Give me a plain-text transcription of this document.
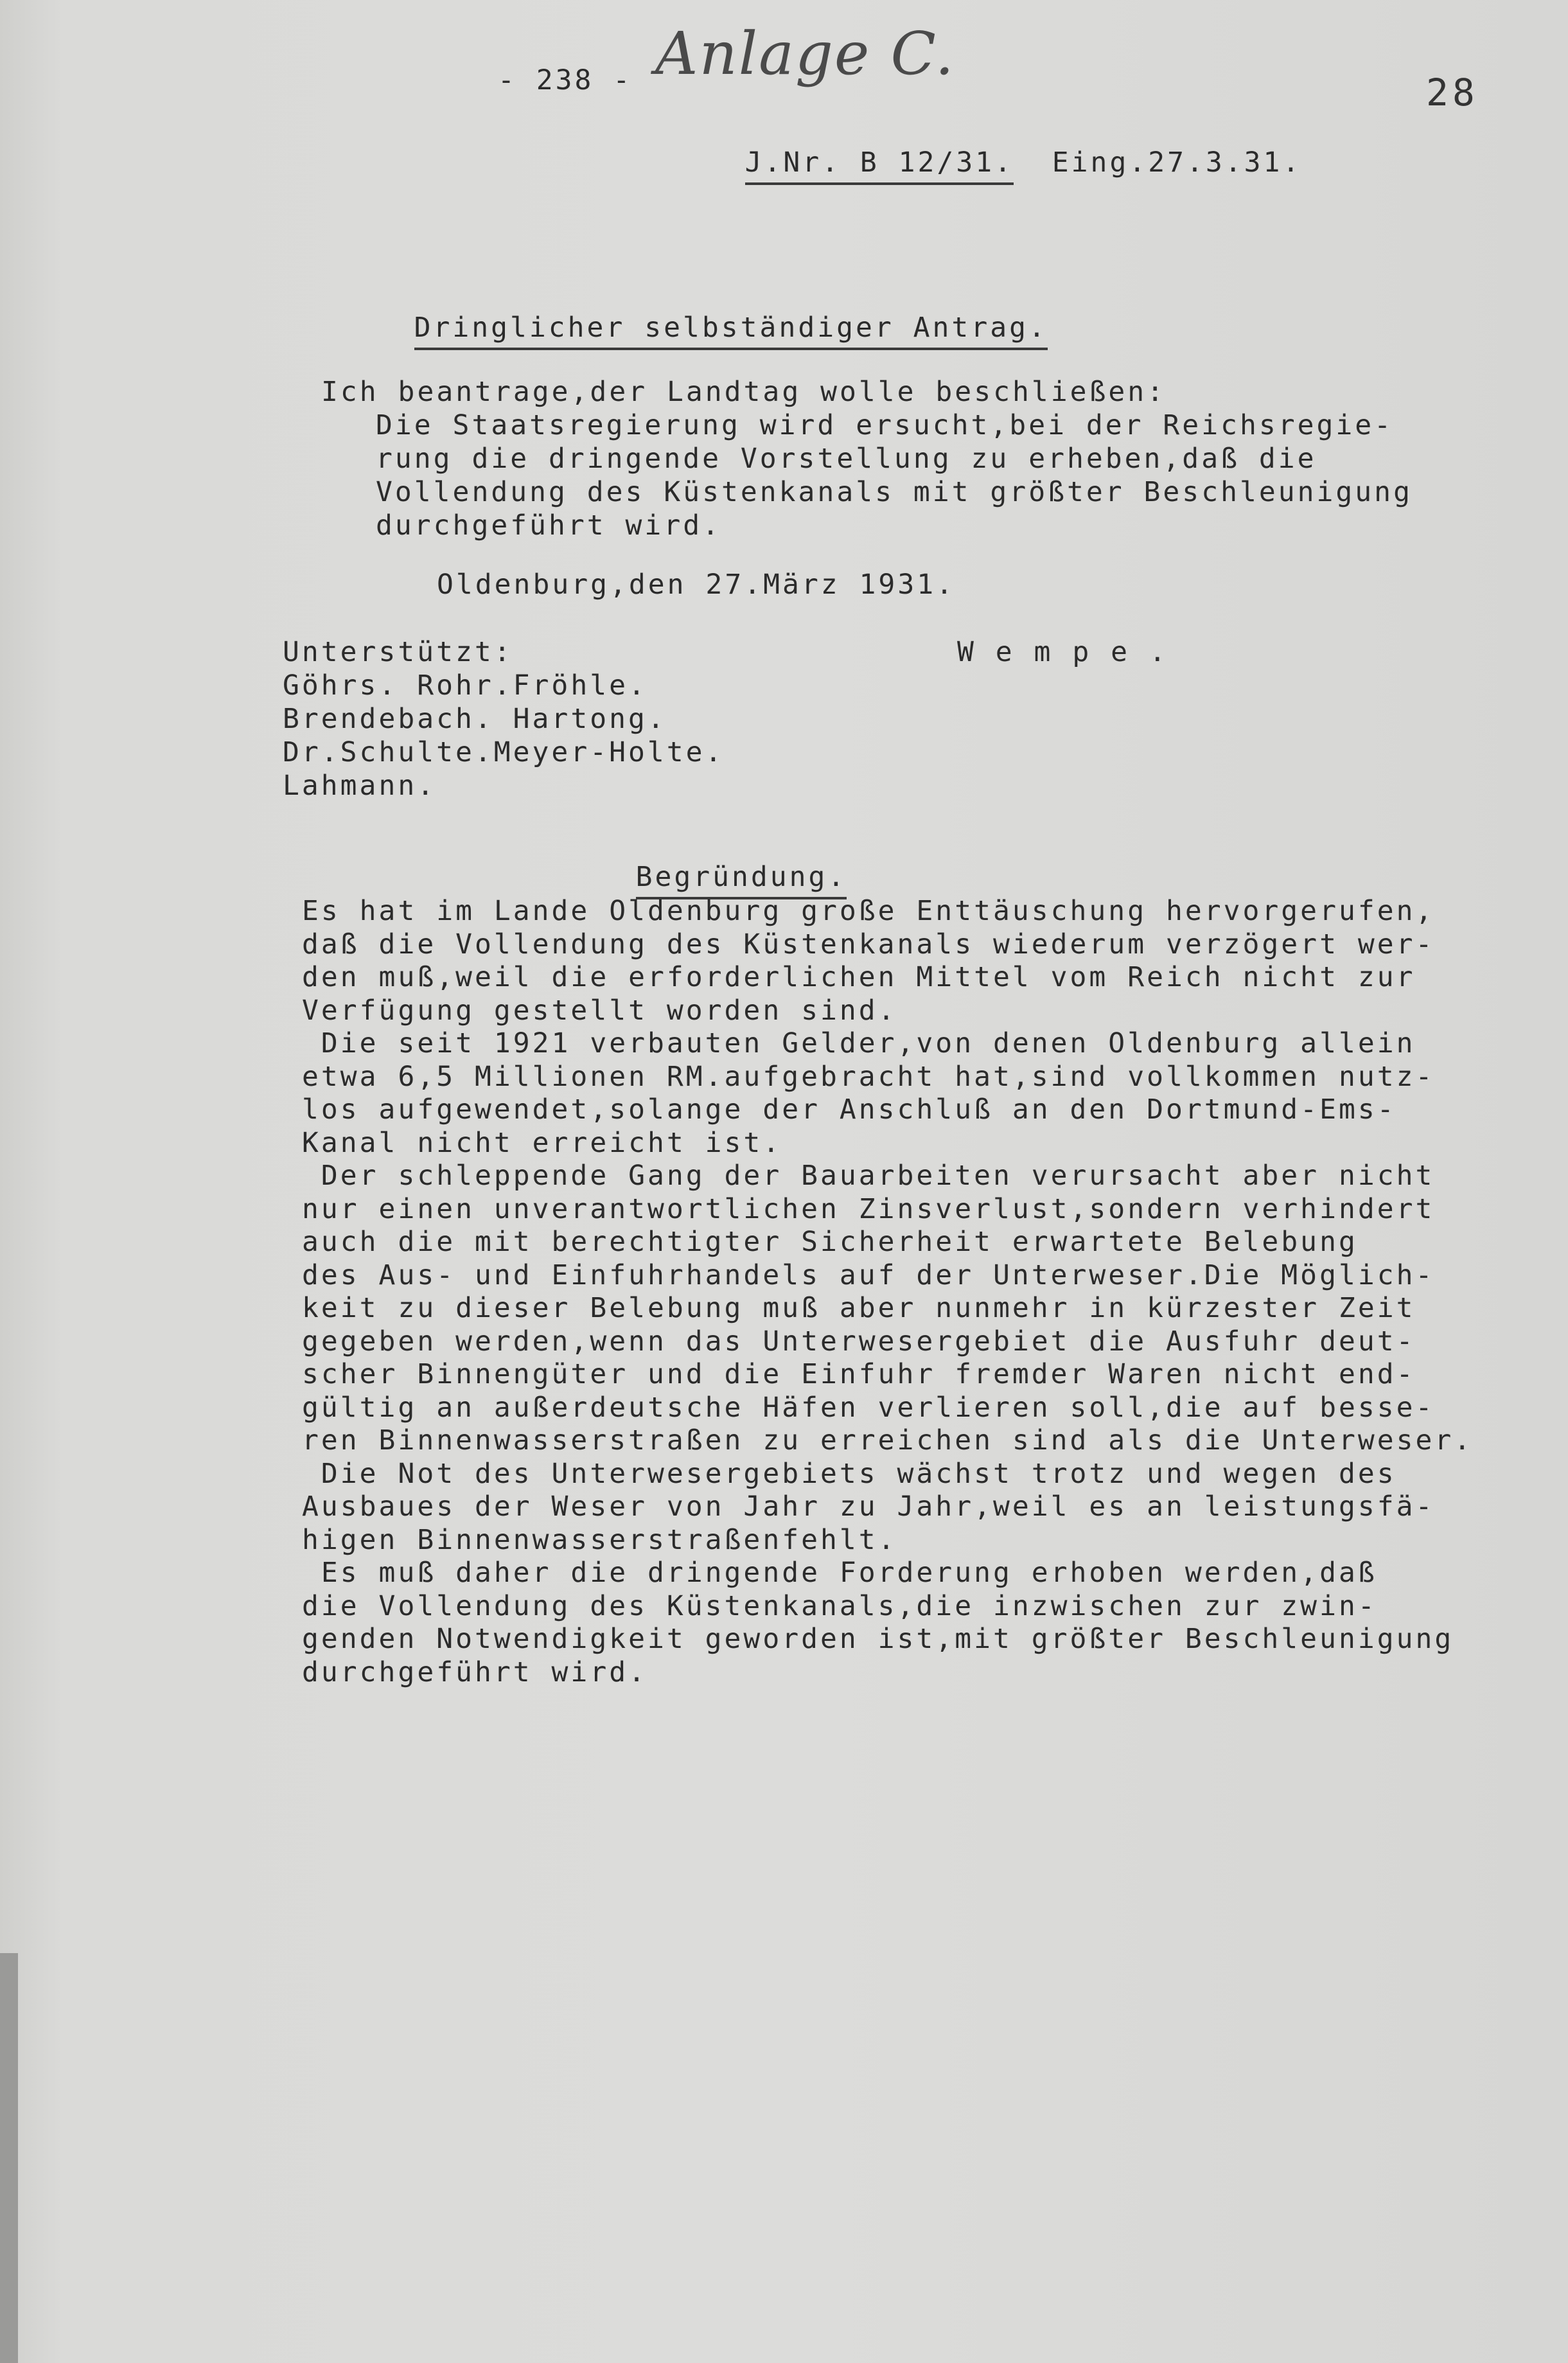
- 238 - Anlage C.
28

J.Nr. B 12/31. Eing.27.3.31.

Dringlicher selbständiger Antrag.

Ich beantrage,der Landtag wolle beschließen:
Die Staatsregierung wird ersucht,bei der Reichsregie-
rung die dringende Vorstellung zu erheben,daß die
Vollendung des Küstenkanals mit größter Beschleunigung
durchgeführt wird.
Oldenburg,den 27.März 1931.
W e m p e .
Unterstützt:
Göhrs. Rohr.Fröhle.
Brendebach. Hartong.
Dr.Schulte.Meyer-Holte.
Lahmann.

Begründung.

Es hat im Lande Oldenburg große Enttäuschung hervorgerufen,
daß die Vollendung des Küstenkanals wiederum verzögert wer-
den muß,weil die erforderlichen Mittel vom Reich nicht zur
Verfügung gestellt worden sind.
Die seit 1921 verbauten Gelder,von denen Oldenburg allein
etwa 6,5 Millionen RM.aufgebracht hat,sind vollkommen nutz-
los aufgewendet,solange der Anschluß an den Dortmund-Ems-
Kanal nicht erreicht ist.
Der schleppende Gang der Bauarbeiten verursacht aber nicht
nur einen unverantwortlichen Zinsverlust,sondern verhindert
auch die mit berechtigter Sicherheit erwartete Belebung
des Aus- und Einfuhrhandels auf der Unterweser.Die Möglich-
keit zu dieser Belebung muß aber nunmehr in kürzester Zeit
gegeben werden,wenn das Unterwesergebiet die Ausfuhr deut-
scher Binnengüter und die Einfuhr fremder Waren nicht end-
gültig an außerdeutsche Häfen verlieren soll,die auf besse-
ren Binnenwasserstraßen zu erreichen sind als die Unterweser.
Die Not des Unterwesergebiets wächst trotz und wegen des
Ausbaues der Weser von Jahr zu Jahr,weil es an leistungsfä-
higen Binnenwasserstraßenfehlt.
Es muß daher die dringende Forderung erhoben werden,daß
die Vollendung des Küstenkanals,die inzwischen zur zwin-
genden Notwendigkeit geworden ist,mit größter Beschleunigung
durchgeführt wird.
